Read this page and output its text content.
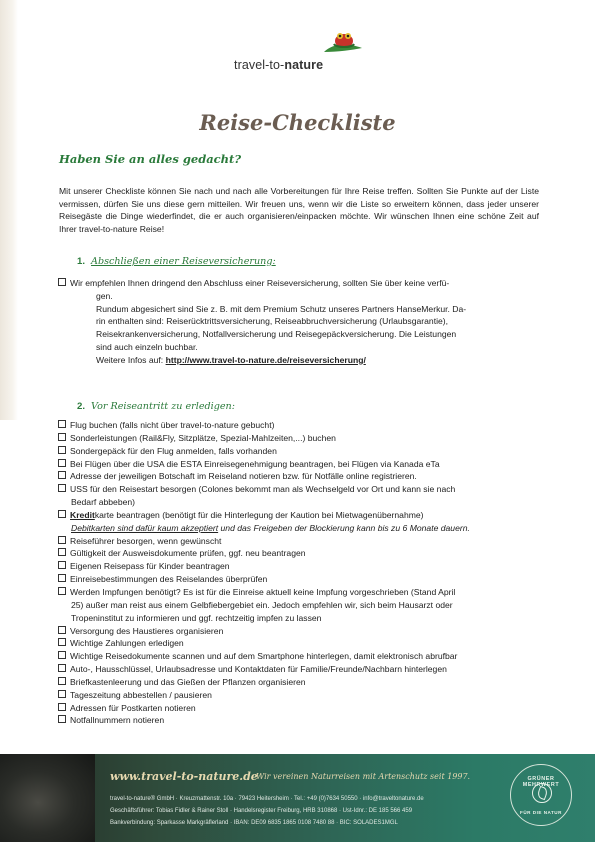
travel-to-nature
Reise-Checkliste
Haben Sie an alles gedacht?
Mit unserer Checkliste können Sie nach und nach alle Vorbereitungen für Ihre Reise treffen. Sollten Sie Punkte auf der Liste vermissen, dürfen Sie uns diese gern mitteilen. Wir freuen uns, wenn wir die Liste so erweitern können, dass jeder unserer Reisegäste die Dinge wiederfindet, die er auch organisieren/einpacken möchte. Wir wünschen Ihnen eine schöne Zeit auf Ihrer travel-to-nature Reise!
1. Abschließen einer Reiseversicherung:
Wir empfehlen Ihnen dringend den Abschluss einer Reiseversicherung, sollten Sie über keine verfü-
gen.
Rundum abgesichert sind Sie z. B. mit dem Premium Schutz unseres Partners HanseMerkur. Da-
rin enthalten sind: Reiserücktrittsversicherung, Reiseabbruchversicherung (Urlaubsgarantie),
Reisekrankenversicherung, Notfallversicherung und Reisegepäckversicherung. Die Leistungen
sind auch einzeln buchbar.
Weitere Infos auf: http://www.travel-to-nature.de/reiseversicherung/
2. Vor Reiseantritt zu erledigen:
Flug buchen (falls nicht über travel-to-nature gebucht)
Sonderleistungen (Rail&Fly, Sitzplätze, Spezial-Mahlzeiten,...) buchen
Sondergepäck für den Flug anmelden, falls vorhanden
Bei Flügen über die USA die ESTA Einreisegenehmigung beantragen, bei Flügen via Kanada eTa
Adresse der jeweiligen Botschaft im Reiseland notieren bzw. für Notfälle online registrieren.
USS für den Reisestart besorgen (Colones bekommt man als Wechselgeld vor Ort und kann sie nach
Bedarf abbeben)
Kreditkarte beantragen (benötigt für die Hinterlegung der Kaution bei Mietwagenübernahme)
Debitkarten sind dafür kaum akzeptiert und das Freigeben der Blockierung kann bis zu 6 Monate dauern.
Reiseführer besorgen, wenn gewünscht
Gültigkeit der Ausweisdokumente prüfen, ggf. neu beantragen
Eigenen Reisepass für Kinder beantragen
Einreisebestimmungen des Reiselandes überprüfen
Werden Impfungen benötigt? Es ist für die Einreise aktuell keine Impfung vorgeschrieben (Stand April
25) außer man reist aus einem Gelbfiebergebiet ein. Jedoch empfehlen wir, sich beim Hausarzt oder
Tropeninstitut zu informieren und ggf. rechtzeitig impfen zu lassen
Versorgung des Haustieres organisieren
Wichtige Zahlungen erledigen
Wichtige Reisedokumente scannen und auf dem Smartphone hinterlegen, damit elektronisch abrufbar
Auto-, Hausschlüssel, Urlaubsadresse und Kontaktdaten für Familie/Freunde/Nachbarn hinterlegen
Briefkastenleerung und das Gießen der Pflanzen organisieren
Tageszeitung abbestellen / pausieren
Adressen für Postkarten notieren
Notfallnummern notieren
www.travel-to-nature.de
Wir vereinen Naturreisen mit Artenschutz seit 1997.
travel-to-nature® GmbH · Kreuzmattenstr. 10a · 79423 Heitersheim · Tel.: +49 (0)7634 50550 · info@traveltonature.de
Geschäftsführer: Tobias Fidler & Rainer Stoll · Handelsregister Freiburg, HRB 310868 · Ust-Idnr.: DE 185 566 459
Bankverbindung: Sparkasse Markgräflerland · IBAN: DE09 6835 1865 0108 7480 88 · BIC: SOLADES1MGL
GRÜNER MEHRWERT
FÜR DIE NATUR
